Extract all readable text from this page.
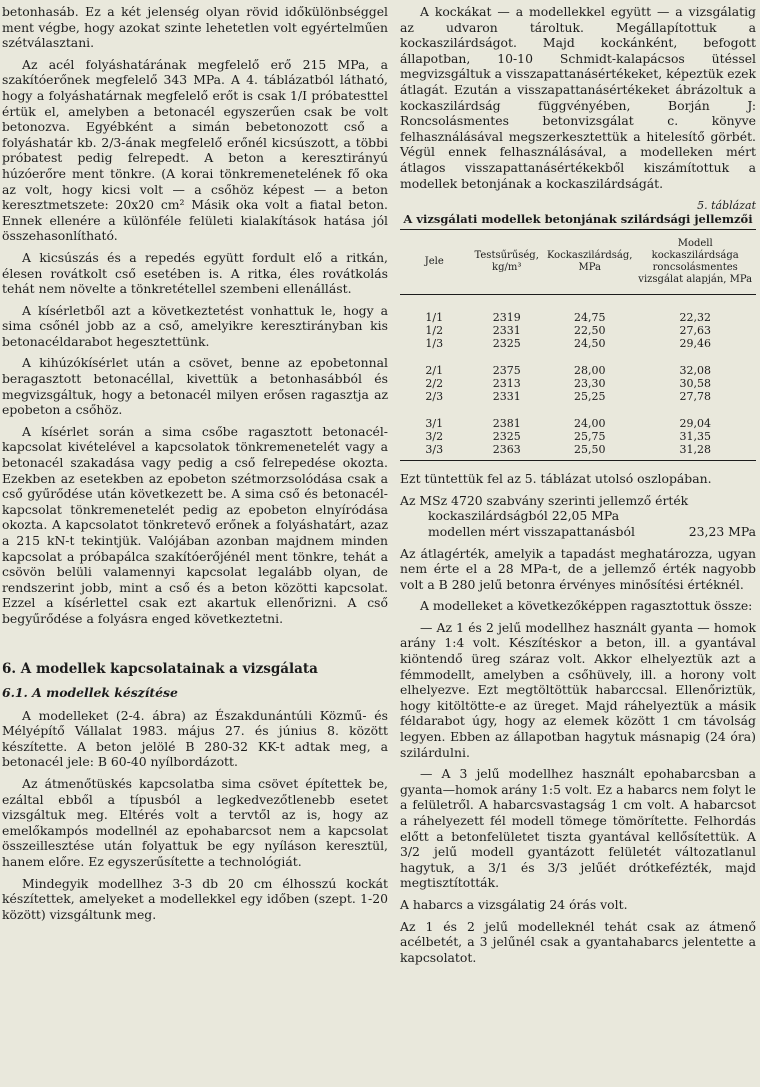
betonhasáb. Ez a két jelenség olyan rövid időkülönbséggel ment végbe, hogy azokat szinte lehetetlen volt egyértelműen szétválasztani.

Az acél folyáshatárának megfelelő erő 215 MPa, a szakítóerőnek megfelelő 343 MPa. A 4. táblázatból látható, hogy a folyáshatárnak megfelelő erőt is csak 1/I próbatesttel értük el, amelyben a betonacél egyszerűen csak be volt betonozva. Egyébként a simán bebetonozott cső a folyáshatár kb. 2/3-ának megfelelő erőnél kicsúszott, a többi próbatest pedig felrepedt. A beton a keresztirányú húzóerőre ment tönkre. (A korai tönkremenetelének fő oka az volt, hogy kicsi volt — a csőhöz képest — a beton keresztmetszete: 20x20 cm² Másik oka volt a fiatal beton. Ennek ellenére a különféle felületi kialakítások hatása jól összehasonlítható.

A kicsúszás és a repedés együtt fordult elő a ritkán, élesen rovátkolt cső esetében is. A ritka, éles rovátkolás tehát nem növelte a tönkretétellel szembeni ellenállást.

A kísérletből azt a következtetést vonhattuk le, hogy a sima csőnél jobb az a cső, amelyikre keresztirányban kis betonacéldarabot hegesztettünk.

A kihúzókísérlet után a csövet, benne az epobetonnal beragasztott betonacéllal, kivettük a betonhasábból és megvizsgáltuk, hogy a betonacél milyen erősen ragasztja az epobeton a csőhöz.

A kísérlet során a sima csőbe ragasztott betonacél-kapcsolat kivételével a kapcsolatok tönkremenetelét vagy a betonacél szakadása vagy pedig a cső felrepedése okozta. Ezekben az esetekben az epobeton szétmorzsolódása csak a cső gyűrődése után következett be. A sima cső és betonacél-kapcsolat tönkremenetelét pedig az epobeton elnyíródása okozta. A kapcsolatot tönkretevő erőnek a folyáshatárt, azaz a 215 kN-t tekintjük. Valójában azonban majdnem minden kapcsolat a próbapálca szakítóerőjénél ment tönkre, tehát a csövön belüli valamennyi kapcsolat legalább olyan, de rendszerint jobb, mint a cső és a beton közötti kapcsolat. Ezzel a kísérlettel csak ezt akartuk ellenőrizni. A cső begyűrődése a folyásra enged következtetni.

6. A modellek kapcsolatainak a vizsgálata
6.1. A modellek készítése

A modelleket (2-4. ábra) az Északdunántúli Közmű- és Mélyépítő Vállalat 1983. május 27. és június 8. között készítette. A beton jelölé B 280-32 KK-t adtak meg, a betonacél jele: B 60-40 nyílbordázott.

Az átmenőtüskés kapcsolatba sima csövet építettek be, ezáltal ebből a típusból a legkedvezőtlenebb esetet vizsgáltuk meg. Eltérés volt a tervtől az is, hogy az emelőkampós modellnél az epohabarcsot nem a kapcsolat összeillesztése után folyattuk be egy nyíláson keresztül, hanem előre. Ez egyszerűsítette a technológiát.

Mindegyik modellhez 3-3 db 20 cm élhosszú kockát készítettek, amelyeket a modellekkel egy időben (szept. 1-20 között) vizsgáltunk meg.

A kockákat — a modellekkel együtt — a vizsgálatig az udvaron tároltuk. Megállapítottuk a kockaszilárdságot. Majd kockánként, befogott állapotban, 10-10 Schmidt-kalapácsos ütéssel megvizsgáltuk a visszapattanásértékeket, képeztük ezek átlagát. Ezután a visszapattanásértékeket ábrázoltuk a kockaszilárdság függvényében, Borján J: Roncsolásmentes betonvizsgálat c. könyve felhasználásával megszerkesztettük a hitelesítő görbét. Végül ennek felhasználásával, a modelleken mért átlagos visszapattanásértékekből kiszámítottuk a modellek betonjának a kockaszilárdságát.

5. táblázat
A vizsgálati modellek betonjának szilárdsági jellemzői
Jele	Testsűrűség, kg/m³	Kockaszilárdság, MPa	Modell kockaszilárdsága roncsolásmentes vizsgálat alapján, MPa
1/1	2319	24,75	22,32
1/2	2331	22,50	27,63
1/3	2325	24,50	29,46
2/1	2375	28,00	32,08
2/2	2313	23,30	30,58
2/3	2331	25,25	27,78
3/1	2381	24,00	29,04
3/2	2325	25,75	31,35
3/3	2363	25,50	31,28

Ezt tüntettük fel az 5. táblázat utolsó oszlopában.

Az MSz 4720 szabvány szerinti jellemző érték
kockaszilárdságból 22,05 MPa
modellen mért visszapattanásból	23,23 MPa

Az átlagérték, amelyik a tapadást meghatározza, ugyan nem érte el a 28 MPa-t, de a jellemző érték nagyobb volt a B 280 jelű betonra érvényes minősítési értéknél.

A modelleket a következőképpen ragasztottuk össze:

— Az 1 és 2 jelű modellhez használt gyanta — homok arány 1:4 volt. Készítéskor a beton, ill. a gyantával kiöntendő üreg száraz volt. Akkor elhelyeztük azt a fémmodellt, amelyben a csőhüvely, ill. a horony volt elhelyezve. Ezt megtöltöttük habarccsal. Ellenőriztük, hogy kitöltötte-e az üreget. Majd ráhelyeztük a másik féldarabot úgy, hogy az elemek között 1 cm távolság legyen. Ebben az állapotban hagytuk másnapig (24 óra) szilárdulni.

— A 3 jelű modellhez használt epohabarcsban a gyanta—homok arány 1:5 volt. Ez a habarcs nem folyt le a felületről. A habarcsvastagság 1 cm volt. A habarcsot a ráhelyezett fél modell tömege tömörítette. Felhordás előtt a betonfelületet tiszta gyantával kellősítettük. A 3/2 jelű modell gyantázott felületét változatlanul hagytuk, a 3/1 és 3/3 jelűét drótkefézték, majd megtisztították.

A habarcs a vizsgálatig 24 órás volt.

Az 1 és 2 jelű modelleknél tehát csak az átmenő acélbetét, a 3 jelűnél csak a gyantahabarcs jelentette a kapcsolatot.
